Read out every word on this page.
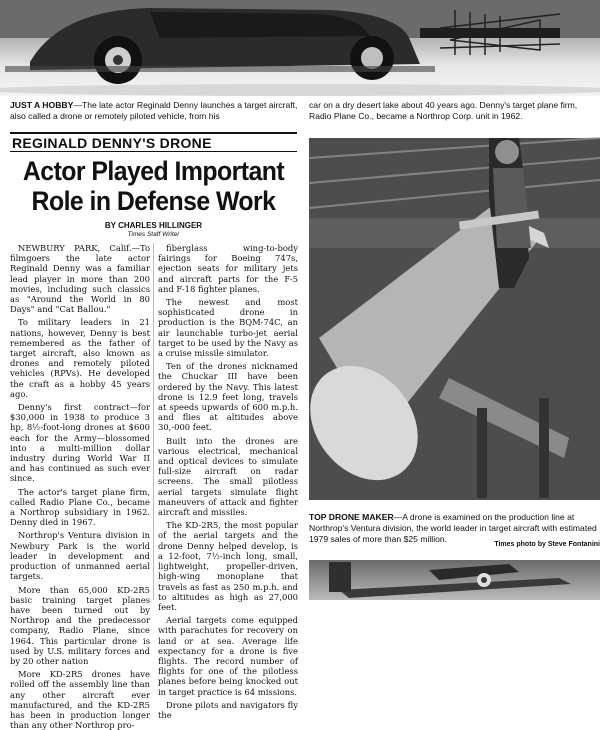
JUST A HOBBY—The late actor Reginald Denny launches a target aircraft, also called a drone or remotely piloted vehicle, from his
car on a dry desert lake about 40 years ago. Denny's target plane firm, Radio Plane Co., became a Northrop Corp. unit in 1962.
REGINALD DENNY'S DRONE
Actor Played Important Role in Defense Work
BY CHARLES HILLINGER
Times Staff Writer

NEWBURY PARK, Calif.—To filmgoers the late actor Reginald Denny was a familiar lead player in more than 200 movies, including such classics as "Around the World in 80 Days" and "Cat Ballou."

To military leaders in 21 nations, however, Denny is best remembered as the father of target aircraft, also known as drones and remotely piloted vehicles (RPVs). He developed the craft as a hobby 45 years ago.

Denny's first contract—for $30,000 in 1938 to produce 3 hp, 8½-foot-long drones at $600 each for the Army—blossomed into a multi-million dollar industry during World War II and has continued as such ever since.

The actor's target plane firm, called Radio Plane Co., became a Northrop subsidiary in 1962. Denny died in 1967.

Northrop's Ventura division in Newbury Park is the world leader in development and production of unmanned aerial targets.

More than 65,000 KD-2R5 basic training target planes have been turned out by Northrop and the predecessor company, Radio Plane, since 1964. This particular drone is used by U.S. military forces and by 20 other nation

More KD-2R5 drones have rolled off the assembly line than any other aircraft ever manufactured, and the KD-2R5 has been in production longer than any other Northrop pro-

fiberglass wing-to-body fairings for Boeing 747s, ejection seats for military jets and aircraft parts for the F-5 and F-18 fighter planes.

The newest and most sophisticated drone in production is the BQM-74C, an air launchable turbo-jet aerial target to be used by the Navy as a cruise missile simulator.

Ten of the drones nicknamed the Chuckar III have been ordered by the Navy. This latest drone is 12.9 feet long, travels at speeds upwards of 600 m.p.h. and flies at altitudes above 30,-000 feet.

Built into the drones are various electrical, mechanical and optical devices to simulate full-size aircraft on radar screens. The small pilotless aerial targets simulate flight maneuvers of attack and fighter aircraft and missiles.

The KD-2R5, the most popular of the aerial targets and the drone Denny helped develop, is a 12-foot, 7½-inch long, small, lightweight, propeller-driven, high-wing monoplane that travels as fast as 250 m.p.h. and to altitudes as high as 27,000 feet.

Aerial targets come equipped with parachutes for recovery on land or at sea. Average life expectancy for a drone is five flights. The record number of flights for one of the pilotless planes before being knocked out in target practice is 64 missions.

Drone pilots and navigators fly the

TOP DRONE MAKER—A drone is examined on the production line at Northrop's Ventura division, the world leader in target aircraft with estimated 1979 sales of more than $25 million.
Times photo by Steve Fontanini
